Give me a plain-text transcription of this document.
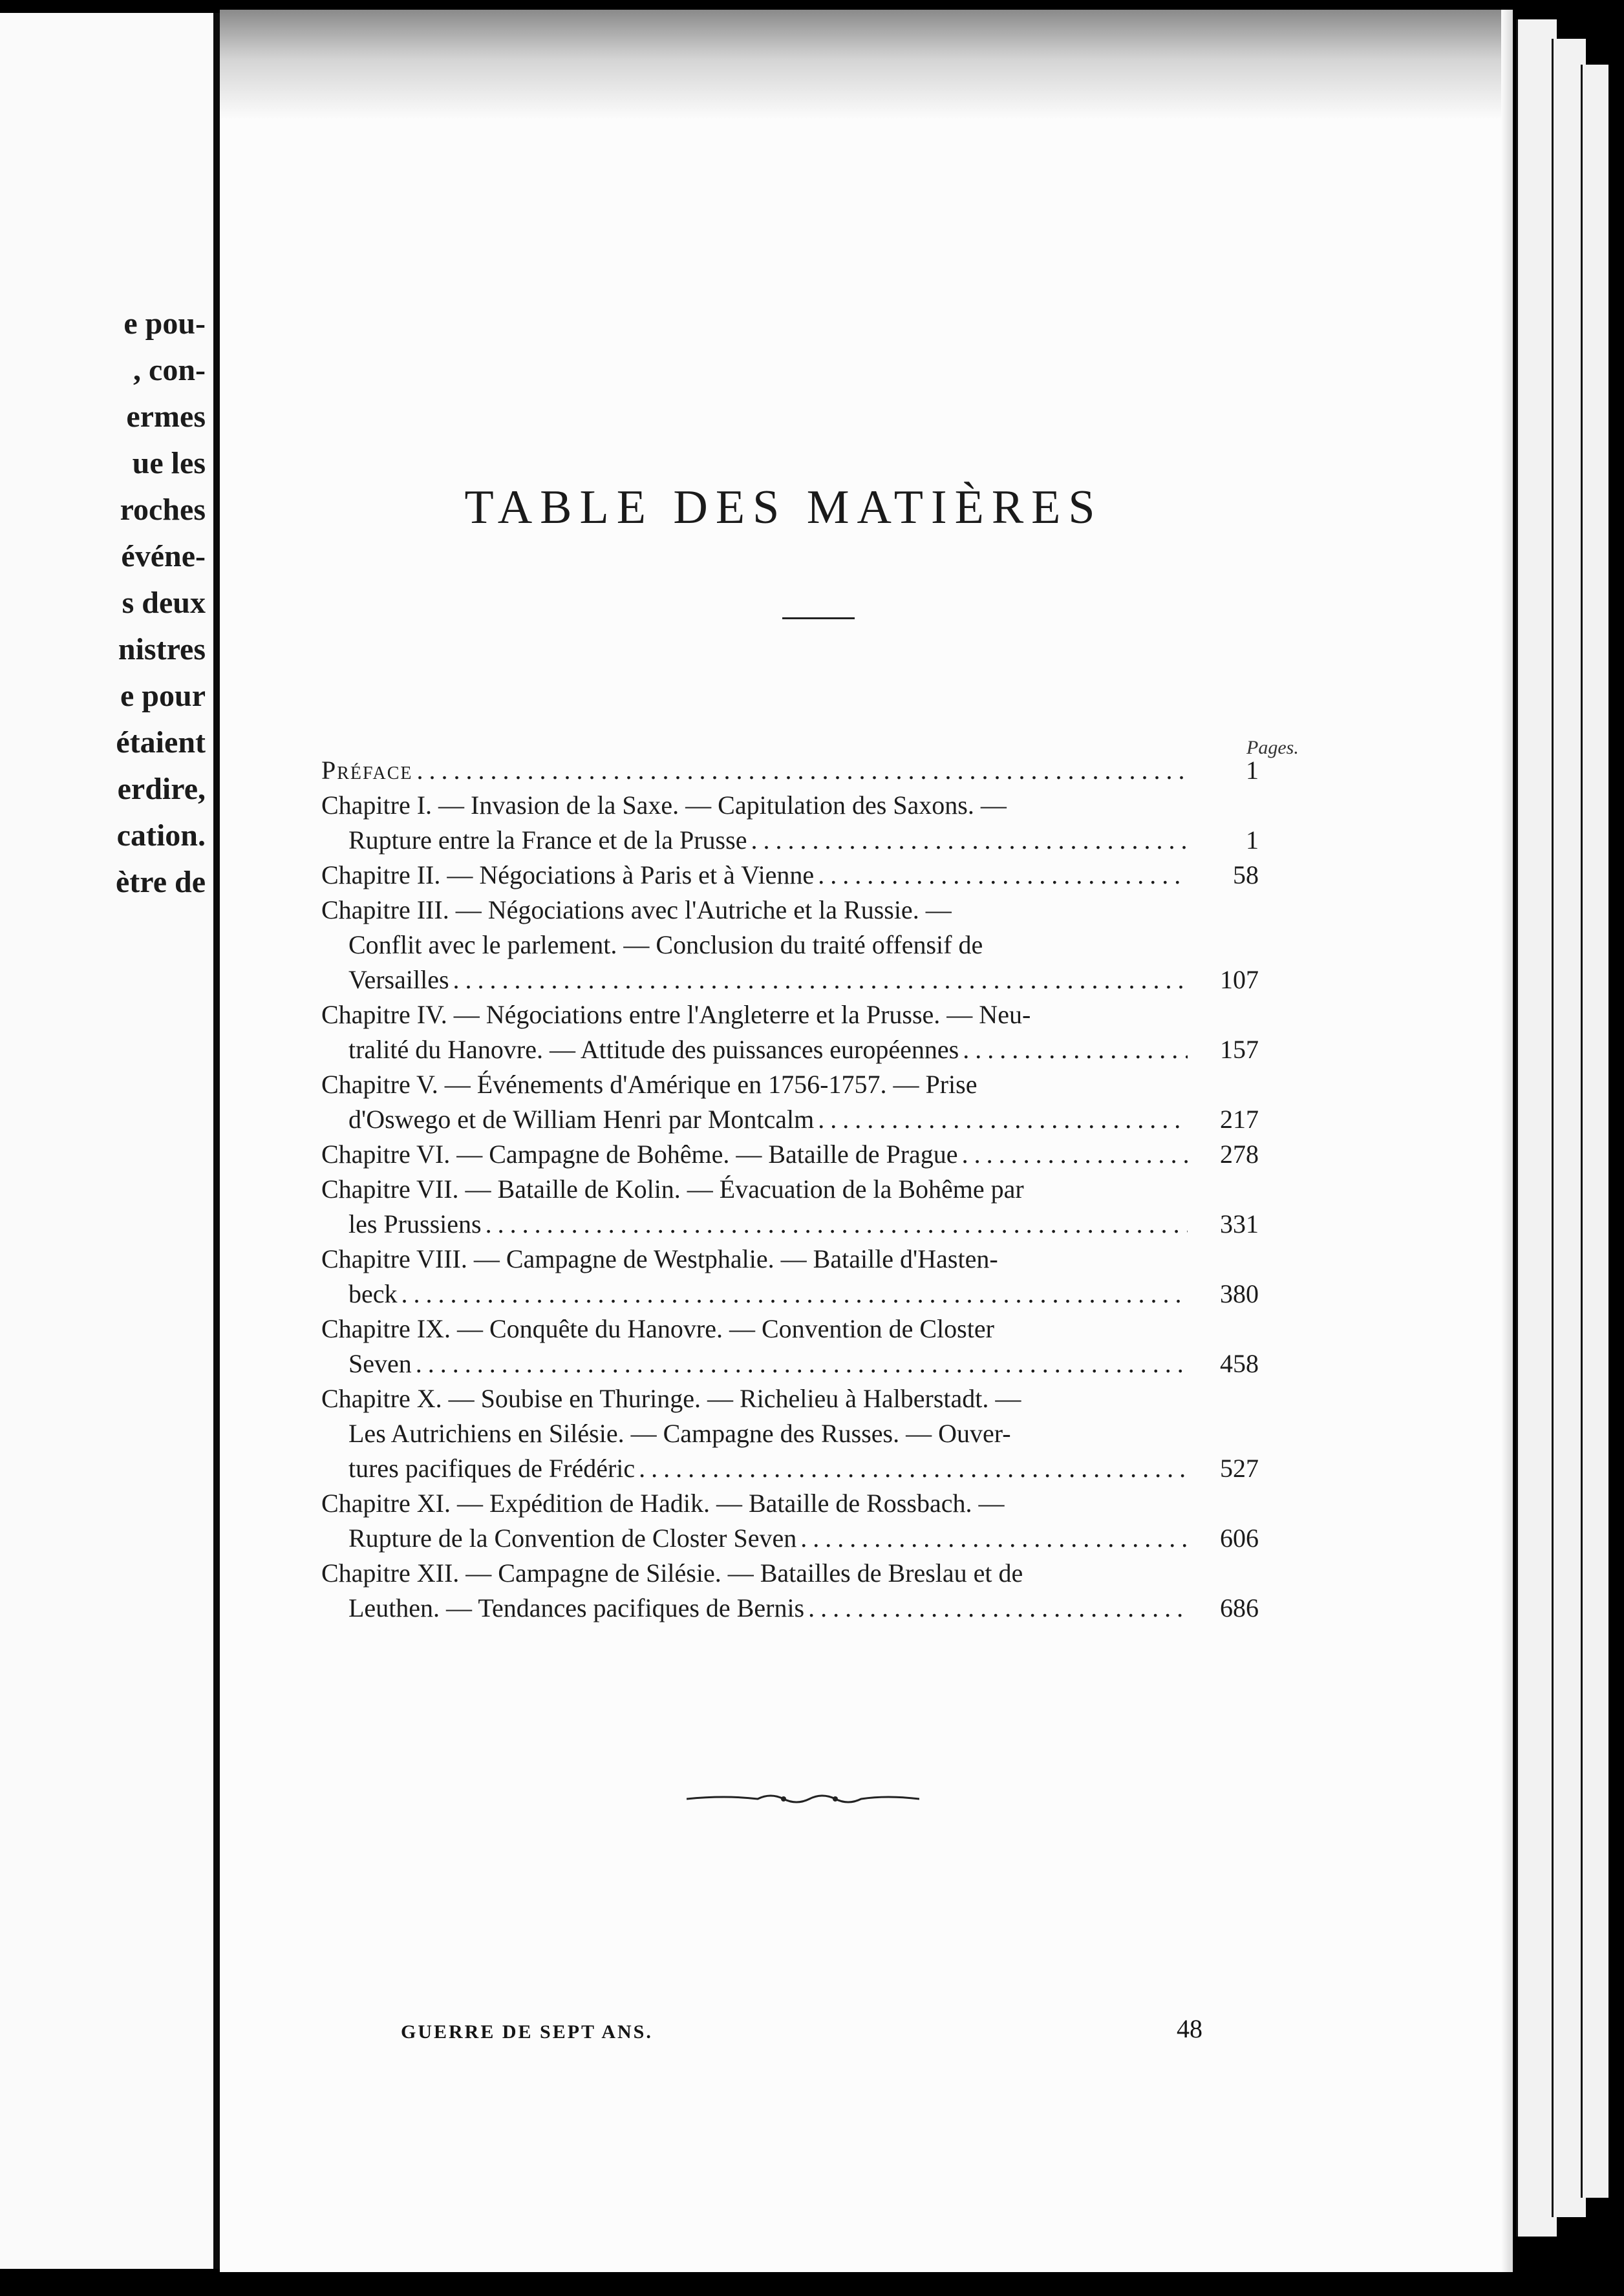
e pou-
, con-
ermes
ue les
roches
événe-
s deux
nistres
e pour
étaient
erdire,
cation.
ètre de
TABLE DES MATIÈRES
Pages.
Préface .....	1
Chapitre I. — Invasion de la Saxe. — Capitulation des Saxons. —
Rupture entre la France et de la Prusse .....	1
Chapitre II. — Négociations à Paris et à Vienne .....	58
Chapitre III. — Négociations avec l'Autriche et la Russie. —
Conflit avec le parlement. — Conclusion du traité offensif de
Versailles .....	107
Chapitre IV. — Négociations entre l'Angleterre et la Prusse. — Neu-
tralité du Hanovre. — Attitude des puissances européennes .....	157
Chapitre V. — Événements d'Amérique en 1756-1757. — Prise
d'Oswego et de William Henri par Montcalm .....	217
Chapitre VI. — Campagne de Bohême. — Bataille de Prague .....	278
Chapitre VII. — Bataille de Kolin. — Évacuation de la Bohême par
les Prussiens .....	331
Chapitre VIII. — Campagne de Westphalie. — Bataille d'Hasten-
beck .....	380
Chapitre IX. — Conquête du Hanovre. — Convention de Closter
Seven .....	458
Chapitre X. — Soubise en Thuringe. — Richelieu à Halberstadt. —
Les Autrichiens en Silésie. — Campagne des Russes. — Ouver-
tures pacifiques de Frédéric .....	527
Chapitre XI. — Expédition de Hadik. — Bataille de Rossbach. —
Rupture de la Convention de Closter Seven .....	606
Chapitre XII. — Campagne de Silésie. — Batailles de Breslau et de
Leuthen. — Tendances pacifiques de Bernis .....	686
GUERRE DE SEPT ANS.	48
